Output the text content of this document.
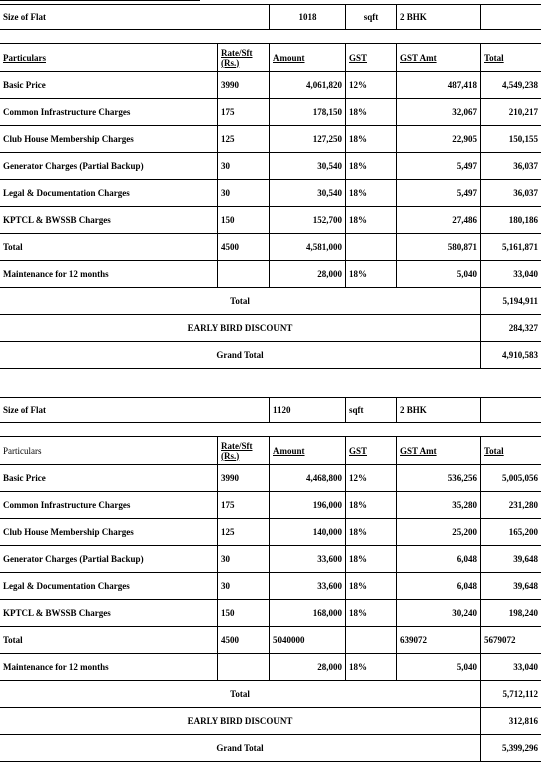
Size of Flat		1018	sqft	2 BHK	

Particulars	Rate/Sft (Rs.)	Amount	GST	GST Amt	Total
Basic Price	3990	4,061,820	12%	487,418	4,549,238
Common Infrastructure Charges	175	178,150	18%	32,067	210,217
Club House Membership Charges	125	127,250	18%	22,905	150,155
Generator Charges (Partial Backup)	30	30,540	18%	5,497	36,037
Legal & Documentation Charges	30	30,540	18%	5,497	36,037
KPTCL & BWSSB Charges	150	152,700	18%	27,486	180,186
Total	4500	4,581,000		580,871	5,161,871
Maintenance for 12 months		28,000	18%	5,040	33,040
Total					5,194,911
EARLY BIRD DISCOUNT					284,327
Grand Total					4,910,583
Size of Flat		1120	sqft	2 BHK	

Particulars	Rate/Sft (Rs.)	Amount	GST	GST Amt	Total
Basic Price	3990	4,468,800	12%	536,256	5,005,056
Common Infrastructure Charges	175	196,000	18%	35,280	231,280
Club House Membership Charges	125	140,000	18%	25,200	165,200
Generator Charges (Partial Backup)	30	33,600	18%	6,048	39,648
Legal & Documentation Charges	30	33,600	18%	6,048	39,648
KPTCL & BWSSB Charges	150	168,000	18%	30,240	198,240
Total	4500	5040000		639072	5679072
Maintenance for 12 months		28,000	18%	5,040	33,040
Total					5,712,112
EARLY BIRD DISCOUNT					312,816
Grand Total					5,399,296
